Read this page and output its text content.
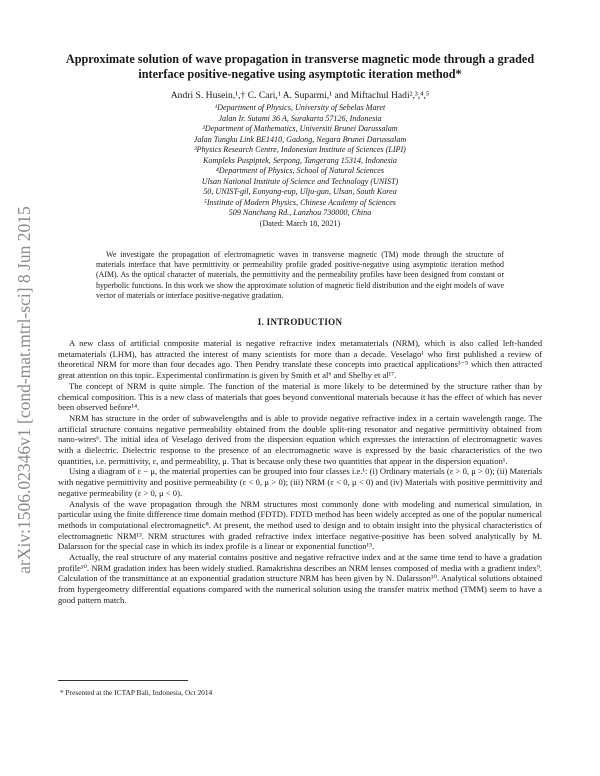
arXiv:1506.02346v1 [cond-mat.mtrl-sci] 8 Jun 2015
Approximate solution of wave propagation in transverse magnetic mode through a graded interface positive-negative using asymptotic iteration method*
Andri S. Husein,¹,† C. Cari,¹ A. Suparmi,¹ and Miftachul Hadi²,³,⁴,⁵
¹Department of Physics, University of Sebelas Maret
Jalan Ir. Sutami 36 A, Surakarta 57126, Indonesia
²Department of Mathematics, Universiti Brunei Darussalam
Jalan Tungku Link BE1410, Gadong, Negara Brunei Darussalam
³Physics Research Centre, Indonesian Institute of Sciences (LIPI)
Kompleks Puspiptek, Serpong, Tangerang 15314, Indonesia
⁴Department of Physics, School of Natural Sciences
Ulsan National Institute of Science and Technology (UNIST)
50, UNIST-gil, Eonyang-eup, Ulju-gun, Ulsan, South Korea
⁵Institute of Modern Physics, Chinese Academy of Sciences
509 Nanchang Rd., Lanzhou 730000, China
(Dated: March 18, 2021)
We investigate the propagation of electromagnetic waves in transverse magnetic (TM) mode through the structure of materials interface that have permittivity or permeability profile graded positive-negative using asymptotic iteration method (AIM). As the optical character of materials, the permittivity and the permeability profiles have been designed from constant or hyperbolic functions. In this work we show the approximate solution of magnetic field distribution and the eight models of wave vector of materials or interface positive-negative gradation.
I. INTRODUCTION

A new class of artificial composite material is negative refractive index metamaterials (NRM), which is also called left-handed metamaterials (LHM), has attracted the interest of many scientists for more than a decade. Veselago¹ who first published a review of theoretical NRM for more than four decades ago. Then Pendry translate these concepts into practical applications³⁻⁵ which then attracted great attention on this topic. Experimental confirmation is given by Smith et al⁶ and Shelby et al¹⁷.

The concept of NRM is quite simple. The function of the material is more likely to be determined by the structure rather than by chemical composition. This is a new class of materials that goes beyond conventional materials because it has the effect of which has never been observed before¹⁴.

NRM has structure in the order of subwavelengths and is able to provide negative refractive index in a certain wavelength range. The artificial structure contains negative permeability obtained from the double split-ring resonator and negative permittivity obtained from nano-wires⁶. The initial idea of Veselago derived from the dispersion equation which expresses the interaction of electromagnetic waves with a dielectric. Dielectric response to the presence of an electromagnetic wave is expressed by the basic characteristics of the two quantities, i.e. permittivity, ε, and permeability, μ. That is because only these two quantities that appear in the dispersion equation¹.

Using a diagram of ε − μ, the material properties can be grouped into four classes i.e.¹: (i) Ordinary materials (ε > 0, μ > 0); (ii) Materials with negative permittivity and positive permeability (ε < 0, μ > 0); (iii) NRM (ε < 0, μ < 0) and (iv) Materials with positive permittivity and negative permeability (ε > 0, μ < 0).

Analysis of the wave propagation through the NRM structures most commonly done with modeling and numerical simulation, in particular using the finite difference time domain method (FDTD). FDTD method has been widely accepted as one of the popular numerical methods in computational electromagnetic⁸. At present, the method used to design and to obtain insight into the physical characteristics of electromagnetic NRM¹³. NRM structures with graded refractive index interface negative-positive has been solved analytically by M. Dalarsson for the special case in which its index profile is a linear or exponential function¹⁵.

Actually, the real structure of any material contains positive and negative refractive index and at the same time tend to have a gradation profile¹⁰. NRM gradation index has been widely studied. Ramakrishna describes an NRM lenses composed of media with a gradient index⁹. Calculation of the transmittance at an exponential gradation structure NRM has been given by N. Dalarsson¹⁰. Analytical solutions obtained from hypergeometry differential equations compared with the numerical solution using the transfer matrix method (TMM) seem to have a good pattern match.

* Presented at the ICTAP Bali, Indonesia, Oct 2014
